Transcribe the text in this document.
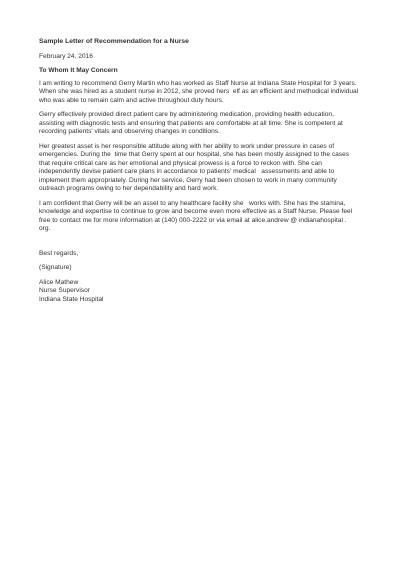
Sample Letter of Recommendation for a Nurse
February 24, 2016
To Whom It May Concern
I am writing to recommend Gerry Martin who has worked as Staff Nurse at Indiana State Hospital for 3 years.
When she was hired as a student nurse in 2012, she proved hers  elf as an efficient and methodical individual
who was able to remain calm and active throughout duty hours.
Gerry effectively provided direct patient care by administering medication, providing health education,
assisting with diagnostic tests and ensuring that patients are comfortable at all time. She is competent at
recording patients' vitals and observing changes in conditions.
Her greatest asset is her responsible attitude along with her ability to work under pressure in cases of
emergencies. During the  time that Gerry spent at our hospital, she has been mostly assigned to the cases
that require critical care as her emotional and physical prowess is a force to reckon with. She can
independently devise patient care plans in accordance to patients' medical   assessments and able to
implement them appropriately. During her service, Gerry had been chosen to work in many community
outreach programs owing to her dependability and hard work.
I am confident that Gerry will be an asset to any healthcare facility she   works with. She has the stamina,
knowledge and expertise to continue to grow and become even more effective as a Staff Nurse. Please feel
free to contact me for more information at (140) 000-2222 or via email at alice.andrew @ indianahospital .
org.
Best regards,
(Signature)
Alice Mathew
Nurse Supervisor
Indiana State Hospital
